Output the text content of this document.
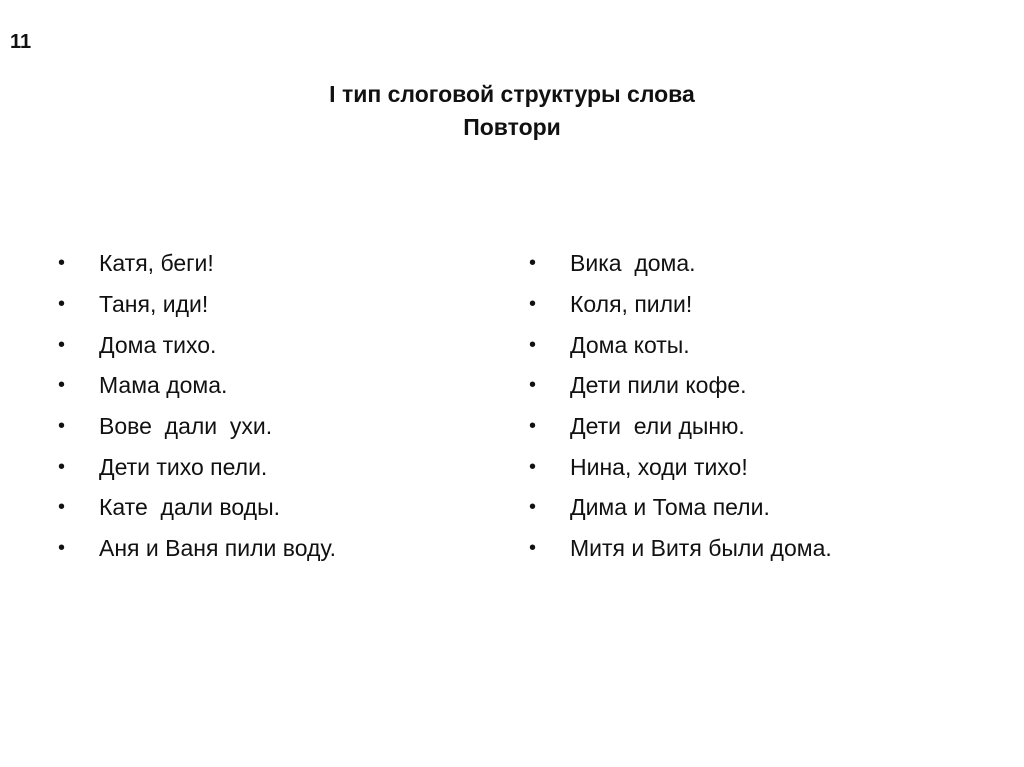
11
I тип слоговой структуры слова
Повтори
•	Катя, беги!
•	Таня, иди!
•	Дома тихо.
•	Мама дома.
•	Вове  дали  ухи.
•	Дети тихо пели.
•	Кате  дали воды.
•	Аня и Ваня пили воду.
•	Вика  дома.
•	Коля, пили!
•	Дома коты.
•	Дети пили кофе.
•	Дети  ели дыню.
•	Нина, ходи тихо!
•	Дима и Тома пели.
•	Митя и Витя были дома.
